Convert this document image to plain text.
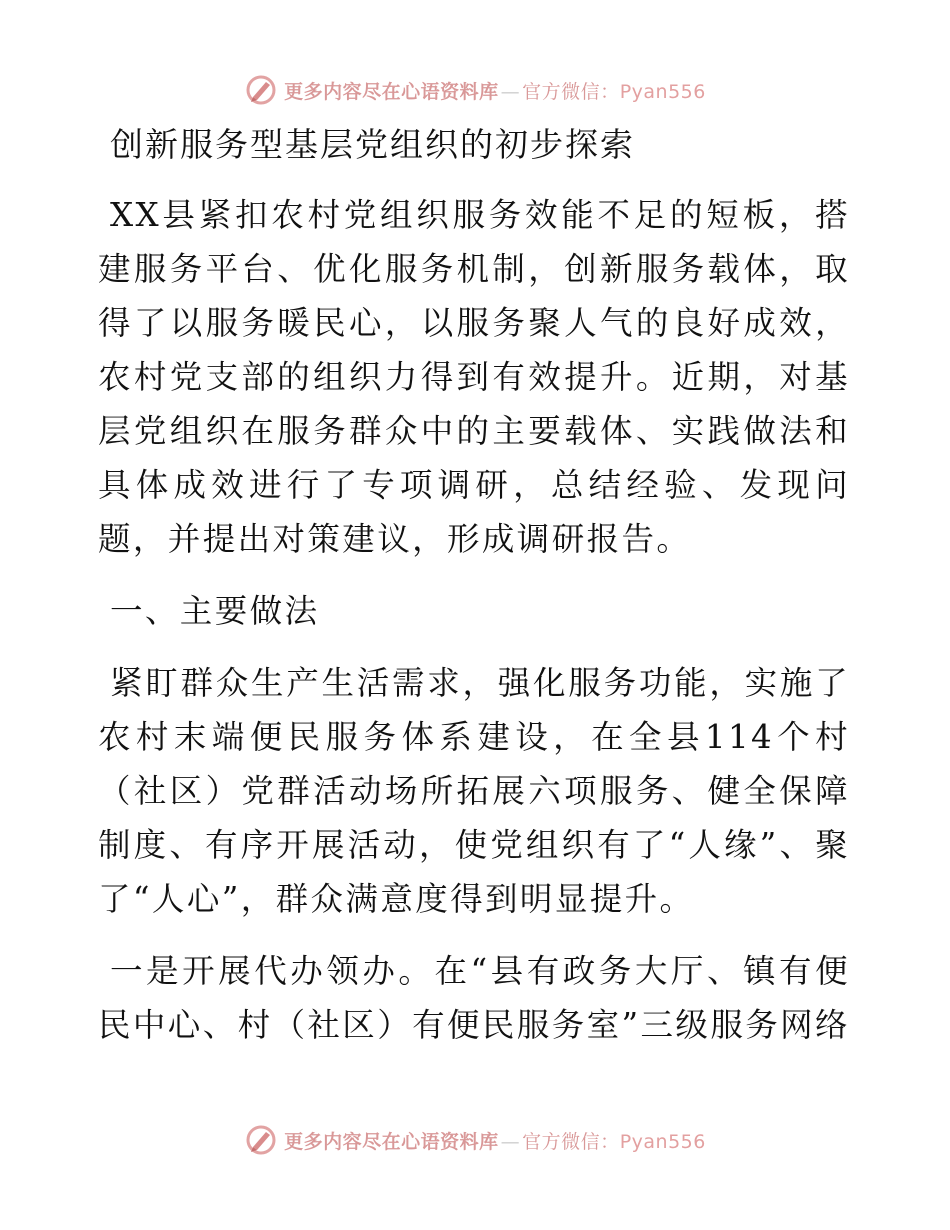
更多内容尽在心语资料库 — 官方微信：Pyan556
创新服务型基层党组织的初步探索

XX县紧扣农村党组织服务效能不足的短板，搭建服务平台、优化服务机制，创新服务载体，取得了以服务暖民心，以服务聚人气的良好成效，农村党支部的组织力得到有效提升。近期，对基层党组织在服务群众中的主要载体、实践做法和具体成效进行了专项调研，总结经验、发现问题，并提出对策建议，形成调研报告。

一、主要做法

紧盯群众生产生活需求，强化服务功能，实施了农村末端便民服务体系建设，在全县114个村（社区）党群活动场所拓展六项服务、健全保障制度、有序开展活动，使党组织有了“人缘”、聚了“人心”，群众满意度得到明显提升。

一是开展代办领办。在“县有政务大厅、镇有便民中心、村（社区）有便民服务室”三级服务网络

更多内容尽在心语资料库 — 官方微信：Pyan556
